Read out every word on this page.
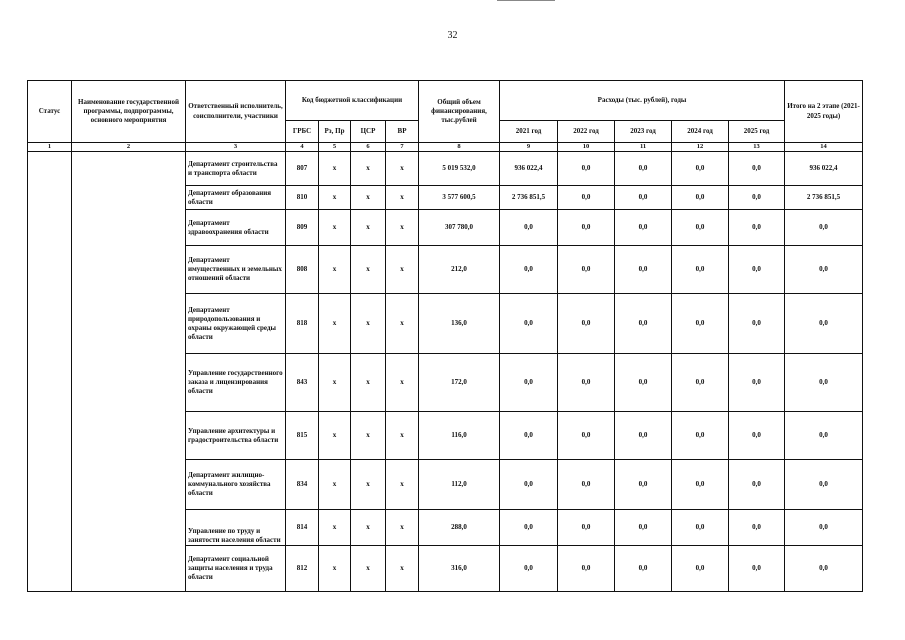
32
Статус	Наименование государственной программы, подпрограммы, основного мероприятия	Ответственный исполнитель, соисполнители, участники	Код бюджетной классификации				Общий объем финансирования, тыс.рублей	Расходы (тыс. рублей), годы					Итого на 2 этапе (2021-2025 годы)
			ГРБС	Рз, Пр	ЦСР	ВР		2021 год	2022 год	2023 год	2024 год	2025 год	
1	2	3	4	5	6	7	8	9	10	11	12	13	14
		Департамент строительства и транспорта области	807	x	x	x	5 019 532,0	936 022,4	0,0	0,0	0,0	0,0	936 022,4
		Департамент образования области	810	x	x	x	3 577 600,5	2 736 851,5	0,0	0,0	0,0	0,0	2 736 851,5
		Департамент здравоохранения области	809	x	x	x	307 780,0	0,0	0,0	0,0	0,0	0,0	0,0
		Департамент имущественных и земельных отношений области	808	x	x	x	212,0	0,0	0,0	0,0	0,0	0,0	0,0
		Департамент природопользования и охраны окружающей среды области	818	x	x	x	136,0	0,0	0,0	0,0	0,0	0,0	0,0
		Управление государственного заказа и лицензирования области	843	x	x	x	172,0	0,0	0,0	0,0	0,0	0,0	0,0
		Управление архитектуры и градостроительства области	815	x	x	x	116,0	0,0	0,0	0,0	0,0	0,0	0,0
		Департамент жилищно-коммунального хозяйства области	834	x	x	x	112,0	0,0	0,0	0,0	0,0	0,0	0,0
		Управление по труду и занятости населения области	814	x	x	x	288,0	0,0	0,0	0,0	0,0	0,0	0,0
		Департамент социальной защиты населения и труда области	812	x	x	x	316,0	0,0	0,0	0,0	0,0	0,0	0,0
